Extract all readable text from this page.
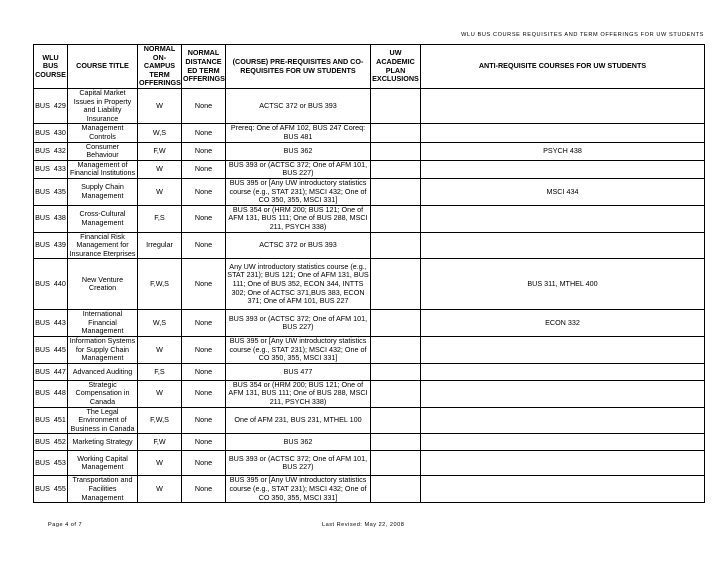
WLU BUS COURSE REQUISITES AND TERM OFFERINGS FOR UW STUDENTS
WLU BUS COURSE	COURSE TITLE	NORMAL ON-CAMPUS TERM OFFERINGS	NORMAL DISTANCE ED TERM OFFERINGS	(COURSE) PRE-REQUISITES AND CO-REQUISITES FOR UW STUDENTS	UW ACADEMIC PLAN EXCLUSIONS	ANTI-REQUISITE COURSES FOR UW STUDENTS
BUS 429	Capital Market Issues in Property and Liability Insurance	W	None	ACTSC 372 or BUS 393		
BUS 430	Management Controls	W,S	None	Prereq: One of AFM 102, BUS 247 Coreq: BUS 481		
BUS 432	Consumer Behaviour	F,W	None	BUS 362		PSYCH 438
BUS 433	Management of Financial Institutions	W	None	BUS 393 or (ACTSC 372; One of AFM 101, BUS 227)		
BUS 435	Supply Chain Management	W	None	BUS 395 or [Any UW introductory statistics course (e.g., STAT 231); MSCI 432; One of CO 350, 355, MSCI 331]		MSCI 434
BUS 438	Cross-Cultural Management	F,S	None	BUS 354 or (HRM 200; BUS 121; One of AFM 131, BUS 111; One of BUS 288, MSCI 211, PSYCH 338)		
BUS 439	Financial Risk Management for Insurance Eterprises	Irregular	None	ACTSC 372 or BUS 393		
BUS 440	New Venture Creation	F,W,S	None	Any UW introductory statistics course (e.g., STAT 231); BUS 121; One of AFM 131, BUS 111; One of BUS 352, ECON 344, INTTS 302; One of ACTSC 371,BUS 383, ECON 371; One of AFM 101, BUS 227		BUS 311, MTHEL 400
BUS 443	International Financial Management	W,S	None	BUS 393 or (ACTSC 372; One of AFM 101, BUS 227)		ECON 332
BUS 445	Information Systems for Supply Chain Management	W	None	BUS 395 or [Any UW introductory statistics course (e.g., STAT 231); MSCI 432; One of CO 350, 355, MSCI 331]		
BUS 447	Advanced Auditing	F,S	None	BUS 477		
BUS 448	Strategic Compensation in Canada	W	None	BUS 354 or (HRM 200; BUS 121; One of AFM 131, BUS 111; One of BUS 288, MSCI 211, PSYCH 338)		
BUS 451	The Legal Environment of Business in Canada	F,W,S	None	One of AFM 231, BUS 231, MTHEL 100		
BUS 452	Marketing Strategy	F,W	None	BUS 362		
BUS 453	Working Capital Management	W	None	BUS 393 or (ACTSC 372; One of AFM 101, BUS 227)		
BUS 455	Transportation and Facilities Management	W	None	BUS 395 or [Any UW introductory statistics course (e.g., STAT 231); MSCI 432; One of CO 350, 355, MSCI 331]		
Page 4 of 7	Last Revised: May 22, 2008
